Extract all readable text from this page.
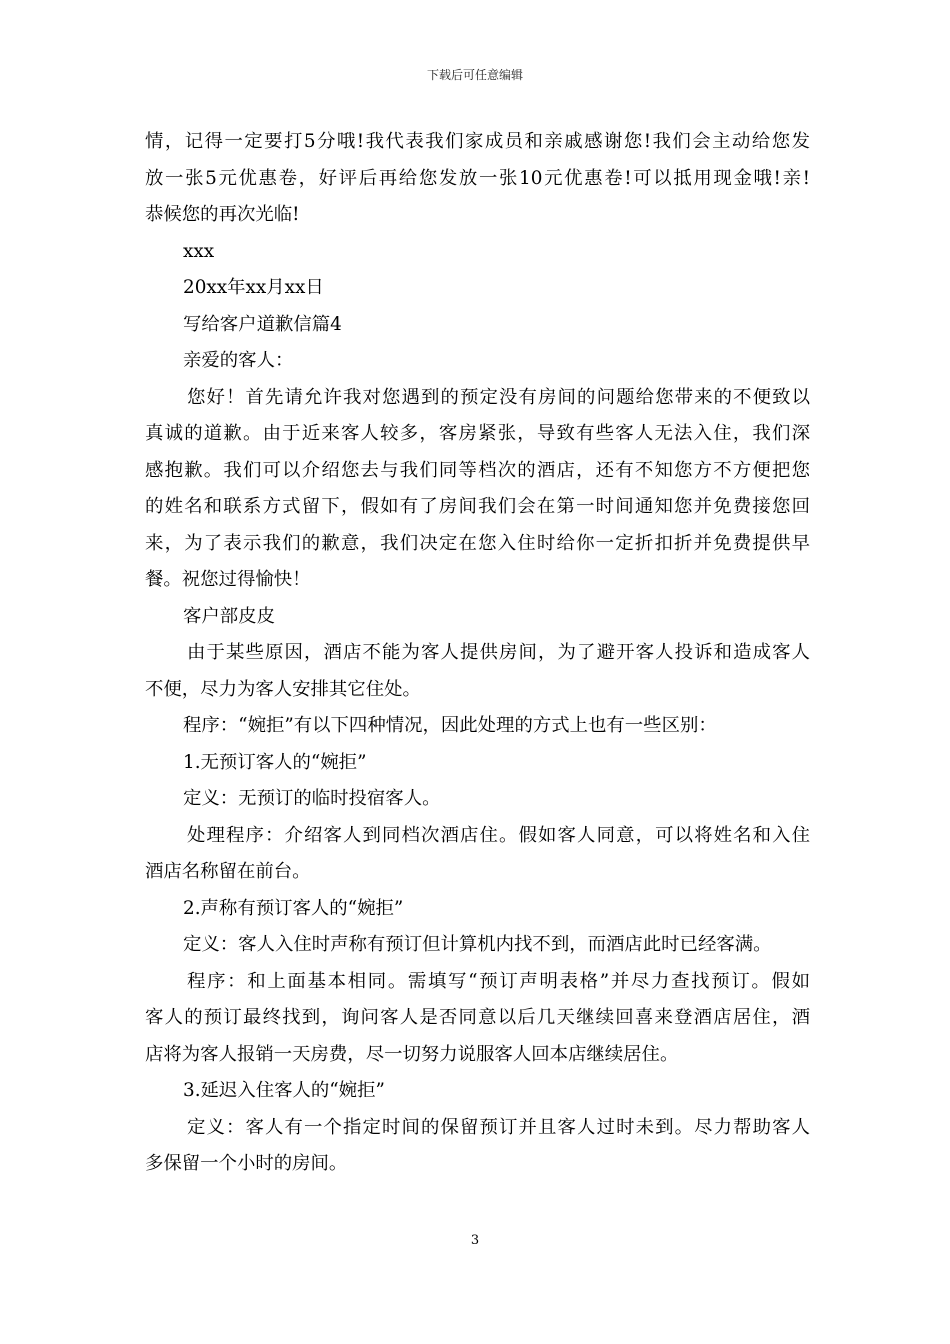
下载后可任意编辑
情，记得一定要打5分哦!我代表我们家成员和亲戚感谢您!我们会主动给您发
放一张5元优惠卷，好评后再给您发放一张10元优惠卷!可以抵用现金哦!亲!
恭候您的再次光临!
xxx
20xx年xx月xx日
写给客户道歉信篇4
亲爱的客人：
您好！首先请允许我对您遇到的预定没有房间的问题给您带来的不便致以
真诚的道歉。由于近来客人较多，客房紧张，导致有些客人无法入住，我们深
感抱歉。我们可以介绍您去与我们同等档次的酒店，还有不知您方不方便把您
的姓名和联系方式留下，假如有了房间我们会在第一时间通知您并免费接您回
来，为了表示我们的歉意，我们决定在您入住时给你一定折扣折并免费提供早
餐。祝您过得愉快！
客户部皮皮
由于某些原因，酒店不能为客人提供房间，为了避开客人投诉和造成客人
不便，尽力为客人安排其它住处。
程序：“婉拒”有以下四种情况，因此处理的方式上也有一些区别：
1.无预订客人的“婉拒”
定义：无预订的临时投宿客人。
处理程序：介绍客人到同档次酒店住。假如客人同意，可以将姓名和入住
酒店名称留在前台。
2.声称有预订客人的“婉拒”
定义：客人入住时声称有预订但计算机内找不到，而酒店此时已经客满。
程序：和上面基本相同。需填写“预订声明表格”并尽力查找预订。假如
客人的预订最终找到，询问客人是否同意以后几天继续回喜来登酒店居住，酒
店将为客人报销一天房费，尽一切努力说服客人回本店继续居住。
3.延迟入住客人的“婉拒”
定义：客人有一个指定时间的保留预订并且客人过时未到。尽力帮助客人
多保留一个小时的房间。
3
